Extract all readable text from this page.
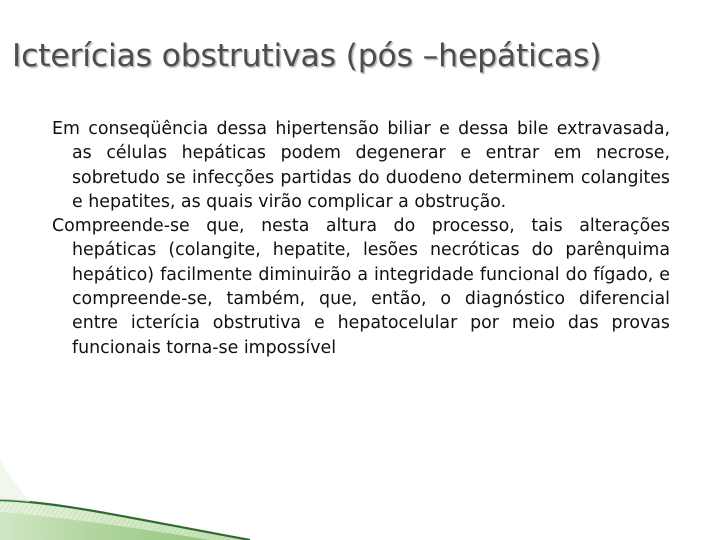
Icterícias obstrutivas (pós –hepáticas)

Em conseqüência dessa hipertensão biliar e dessa bile extravasada, as células hepáticas podem degenerar e entrar em necrose, sobretudo se infecções partidas do duodeno determinem colangites e hepatites, as quais virão complicar a obstrução.

Compreende-se que, nesta altura do processo, tais alterações hepáticas (colangite, hepatite, lesões necróticas do parênquima hepático) facilmente diminuirão a integridade funcional do fígado, e compreende-se, também, que, então, o diagnóstico diferencial entre icterícia obstrutiva e hepatocelular por meio das provas funcionais torna-se impossível
